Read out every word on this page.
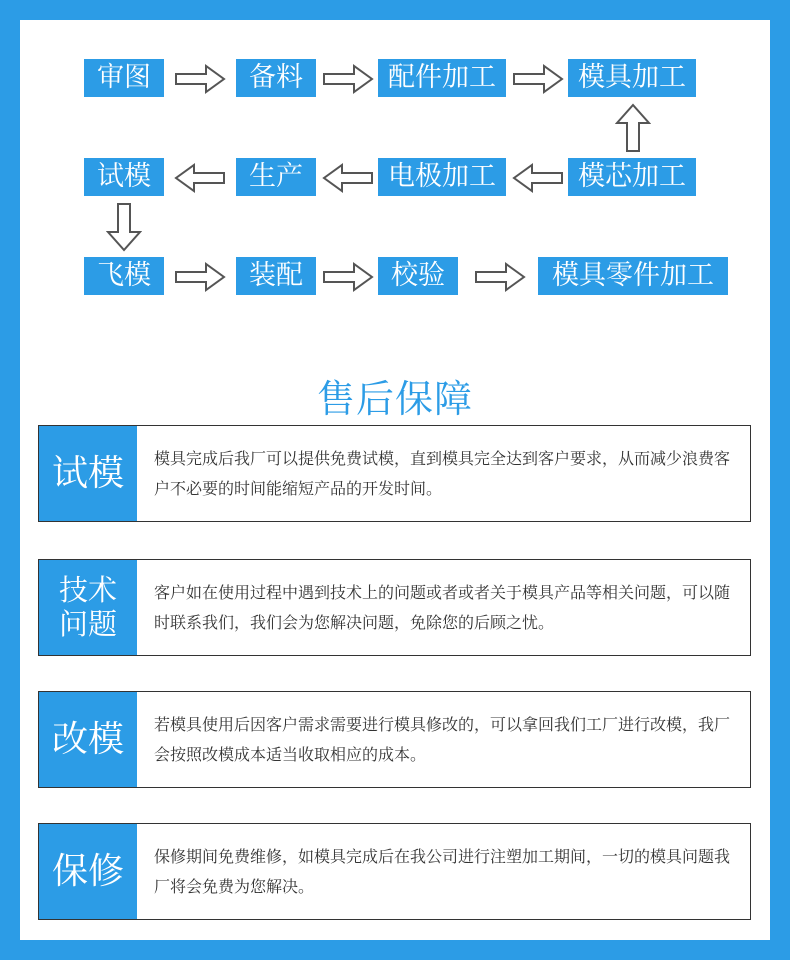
审图	备料	配件加工	模具加工
试模	生产	电极加工	模芯加工
飞模	装配	校验	模具零件加工
售后保障
试模	模具完成后我厂可以提供免费试模，直到模具完全达到客户要求，从而减少浪费客户不必要的时间能缩短产品的开发时间。
技术
问题
客户如在使用过程中遇到技术上的问题或者或者关于模具产品等相关问题，可以随时联系我们，我们会为您解决问题，免除您的后顾之忧。
改模	若模具使用后因客户需求需要进行模具修改的，可以拿回我们工厂进行改模，我厂会按照改模成本适当收取相应的成本。
保修	保修期间免费维修，如模具完成后在我公司进行注塑加工期间，一切的模具问题我厂将会免费为您解决。
